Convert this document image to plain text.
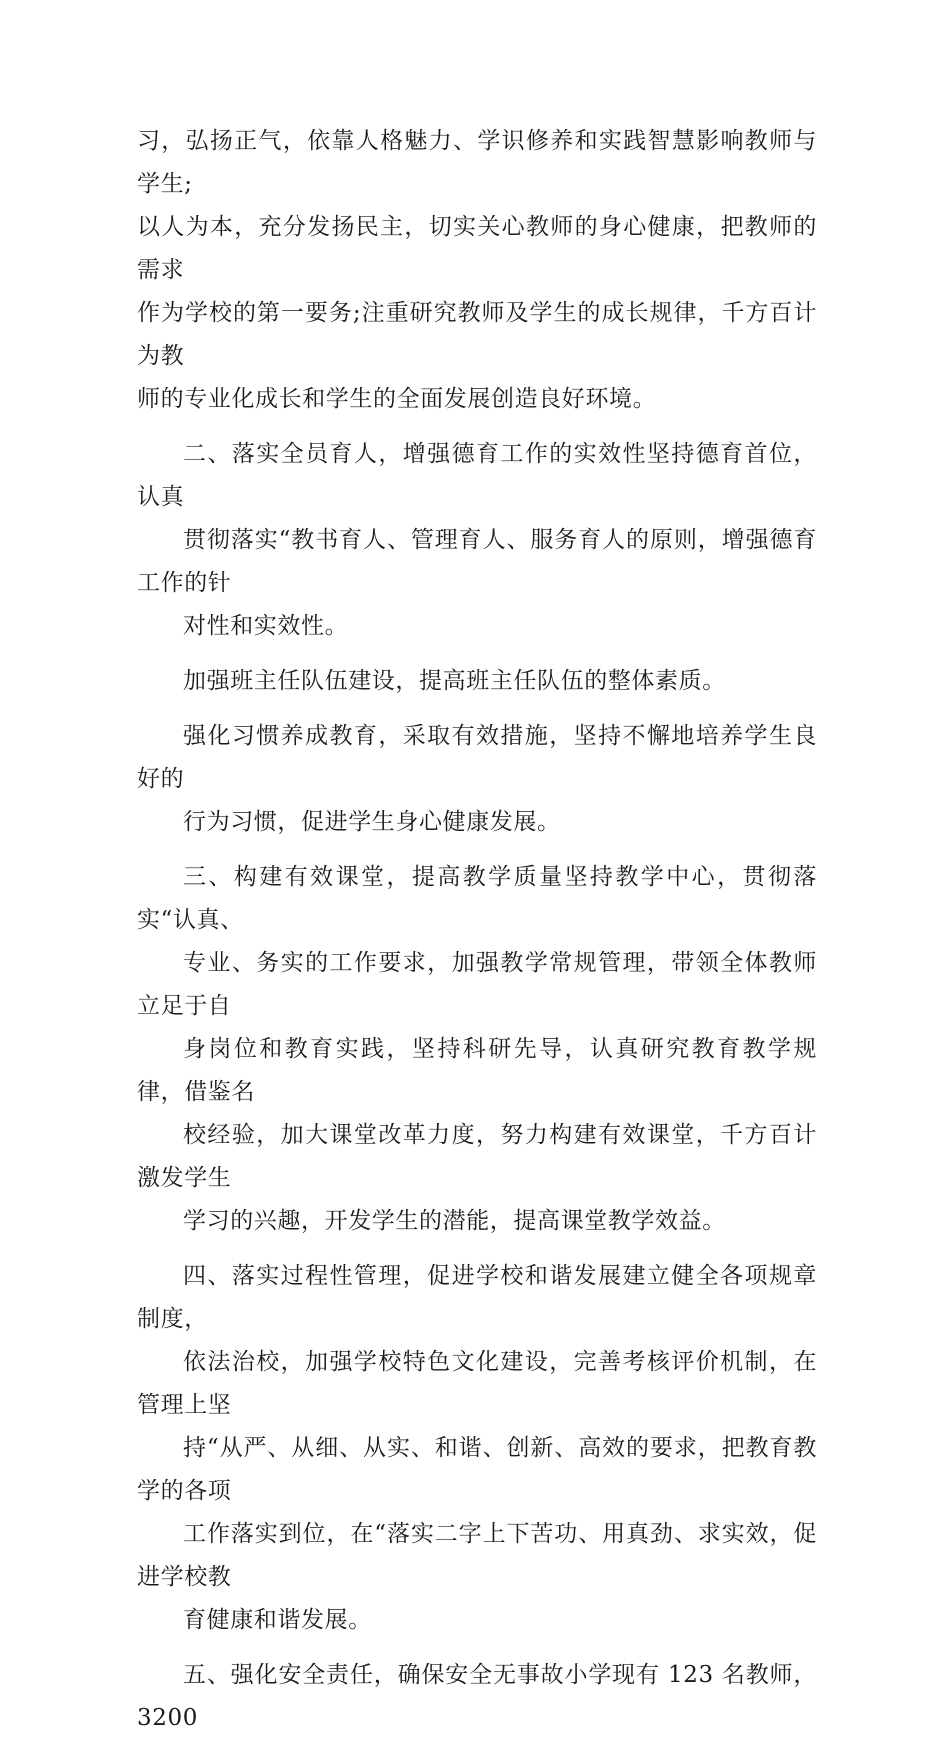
习，弘扬正气，依靠人格魅力、学识修养和实践智慧影响教师与学生;
以人为本，充分发扬民主，切实关心教师的身心健康，把教师的需求
作为学校的第一要务;注重研究教师及学生的成长规律，千方百计为教
师的专业化成长和学生的全面发展创造良好环境。
二、落实全员育人，增强德育工作的实效性坚持德育首位，认真
贯彻落实“教书育人、管理育人、服务育人的原则，增强德育工作的针
对性和实效性。
加强班主任队伍建设，提高班主任队伍的整体素质。
强化习惯养成教育，采取有效措施，坚持不懈地培养学生良好的
行为习惯，促进学生身心健康发展。
三、构建有效课堂，提高教学质量坚持教学中心，贯彻落实“认真、
专业、务实的工作要求，加强教学常规管理，带领全体教师立足于自
身岗位和教育实践，坚持科研先导，认真研究教育教学规律，借鉴名
校经验，加大课堂改革力度，努力构建有效课堂，千方百计激发学生
学习的兴趣，开发学生的潜能，提高课堂教学效益。
四、落实过程性管理，促进学校和谐发展建立健全各项规章制度，
依法治校，加强学校特色文化建设，完善考核评价机制，在管理上坚
持“从严、从细、从实、和谐、创新、高效的要求，把教育教学的各项
工作落实到位，在“落实二字上下苦功、用真劲、求实效，促进学校教
育健康和谐发展。
五、强化安全责任，确保安全无事故小学现有 123 名教师，3200
